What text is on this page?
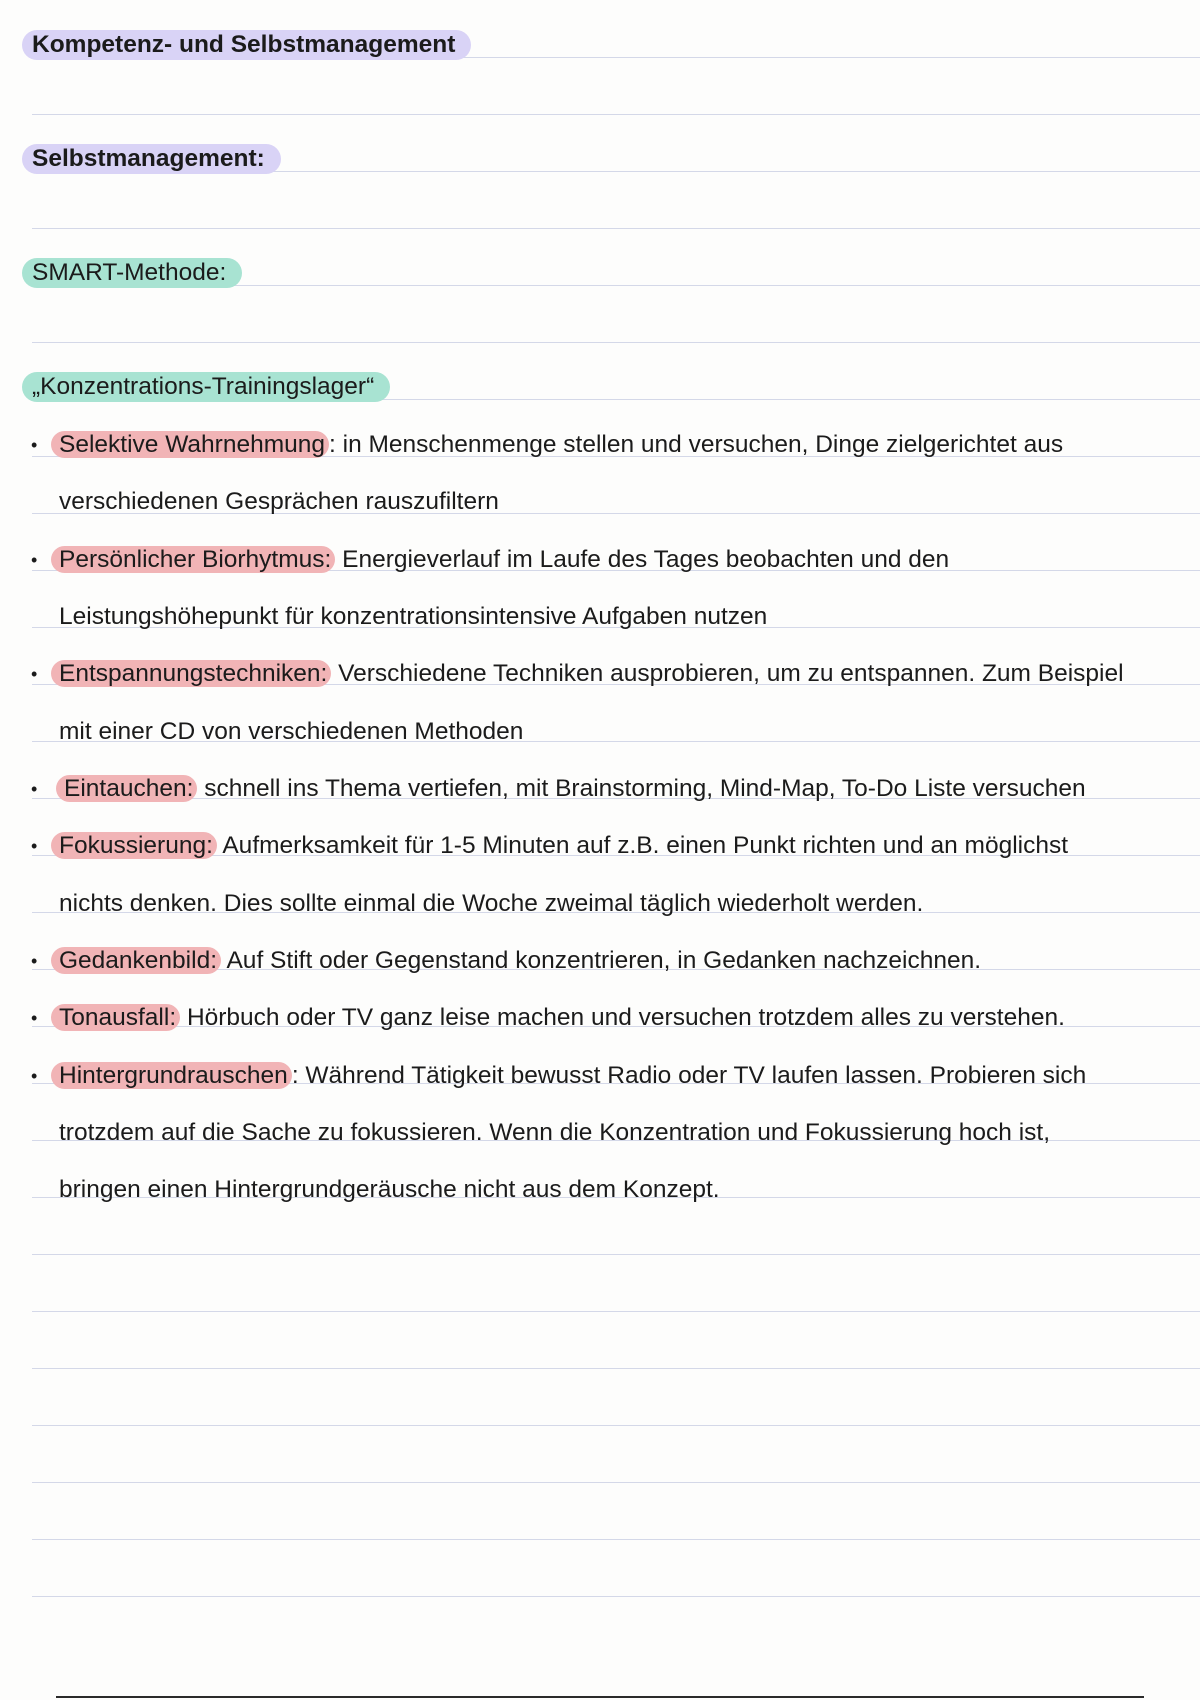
Kompetenz- und Selbstmanagement
Selbstmanagement:
SMART-Methode:
„Konzentrations-Trainingslager“
• Selektive Wahrnehmung : in Menschenmenge stellen und versuchen, Dinge zielgerichtet aus
verschiedenen Gesprächen rauszufiltern
• Persönlicher Biorhytmus: Energieverlauf im Laufe des Tages beobachten und den
Leistungshöhepunkt für konzentrationsintensive Aufgaben nutzen
• Entspannungstechniken: Verschiedene Techniken ausprobieren, um zu entspannen. Zum Beispiel
mit einer CD von verschiedenen Methoden
•	Eintauchen: schnell ins Thema vertiefen, mit Brainstorming, Mind-Map, To-Do Liste versuchen
• Fokussierung: Aufmerksamkeit für 1-5 Minuten auf z.B. einen Punkt richten und an möglichst
nichts denken. Dies sollte einmal die Woche zweimal täglich wiederholt werden.
• Gedankenbild: Auf Stift oder Gegenstand konzentrieren, in Gedanken nachzeichnen.
• Tonausfall: Hörbuch oder TV ganz leise machen und versuchen trotzdem alles zu verstehen.
• Hintergrundrauschen : Während Tätigkeit bewusst Radio oder TV laufen lassen. Probieren sich
trotzdem auf die Sache zu fokussieren. Wenn die Konzentration und Fokussierung hoch ist,
bringen einen Hintergrundgeräusche nicht aus dem Konzept.
